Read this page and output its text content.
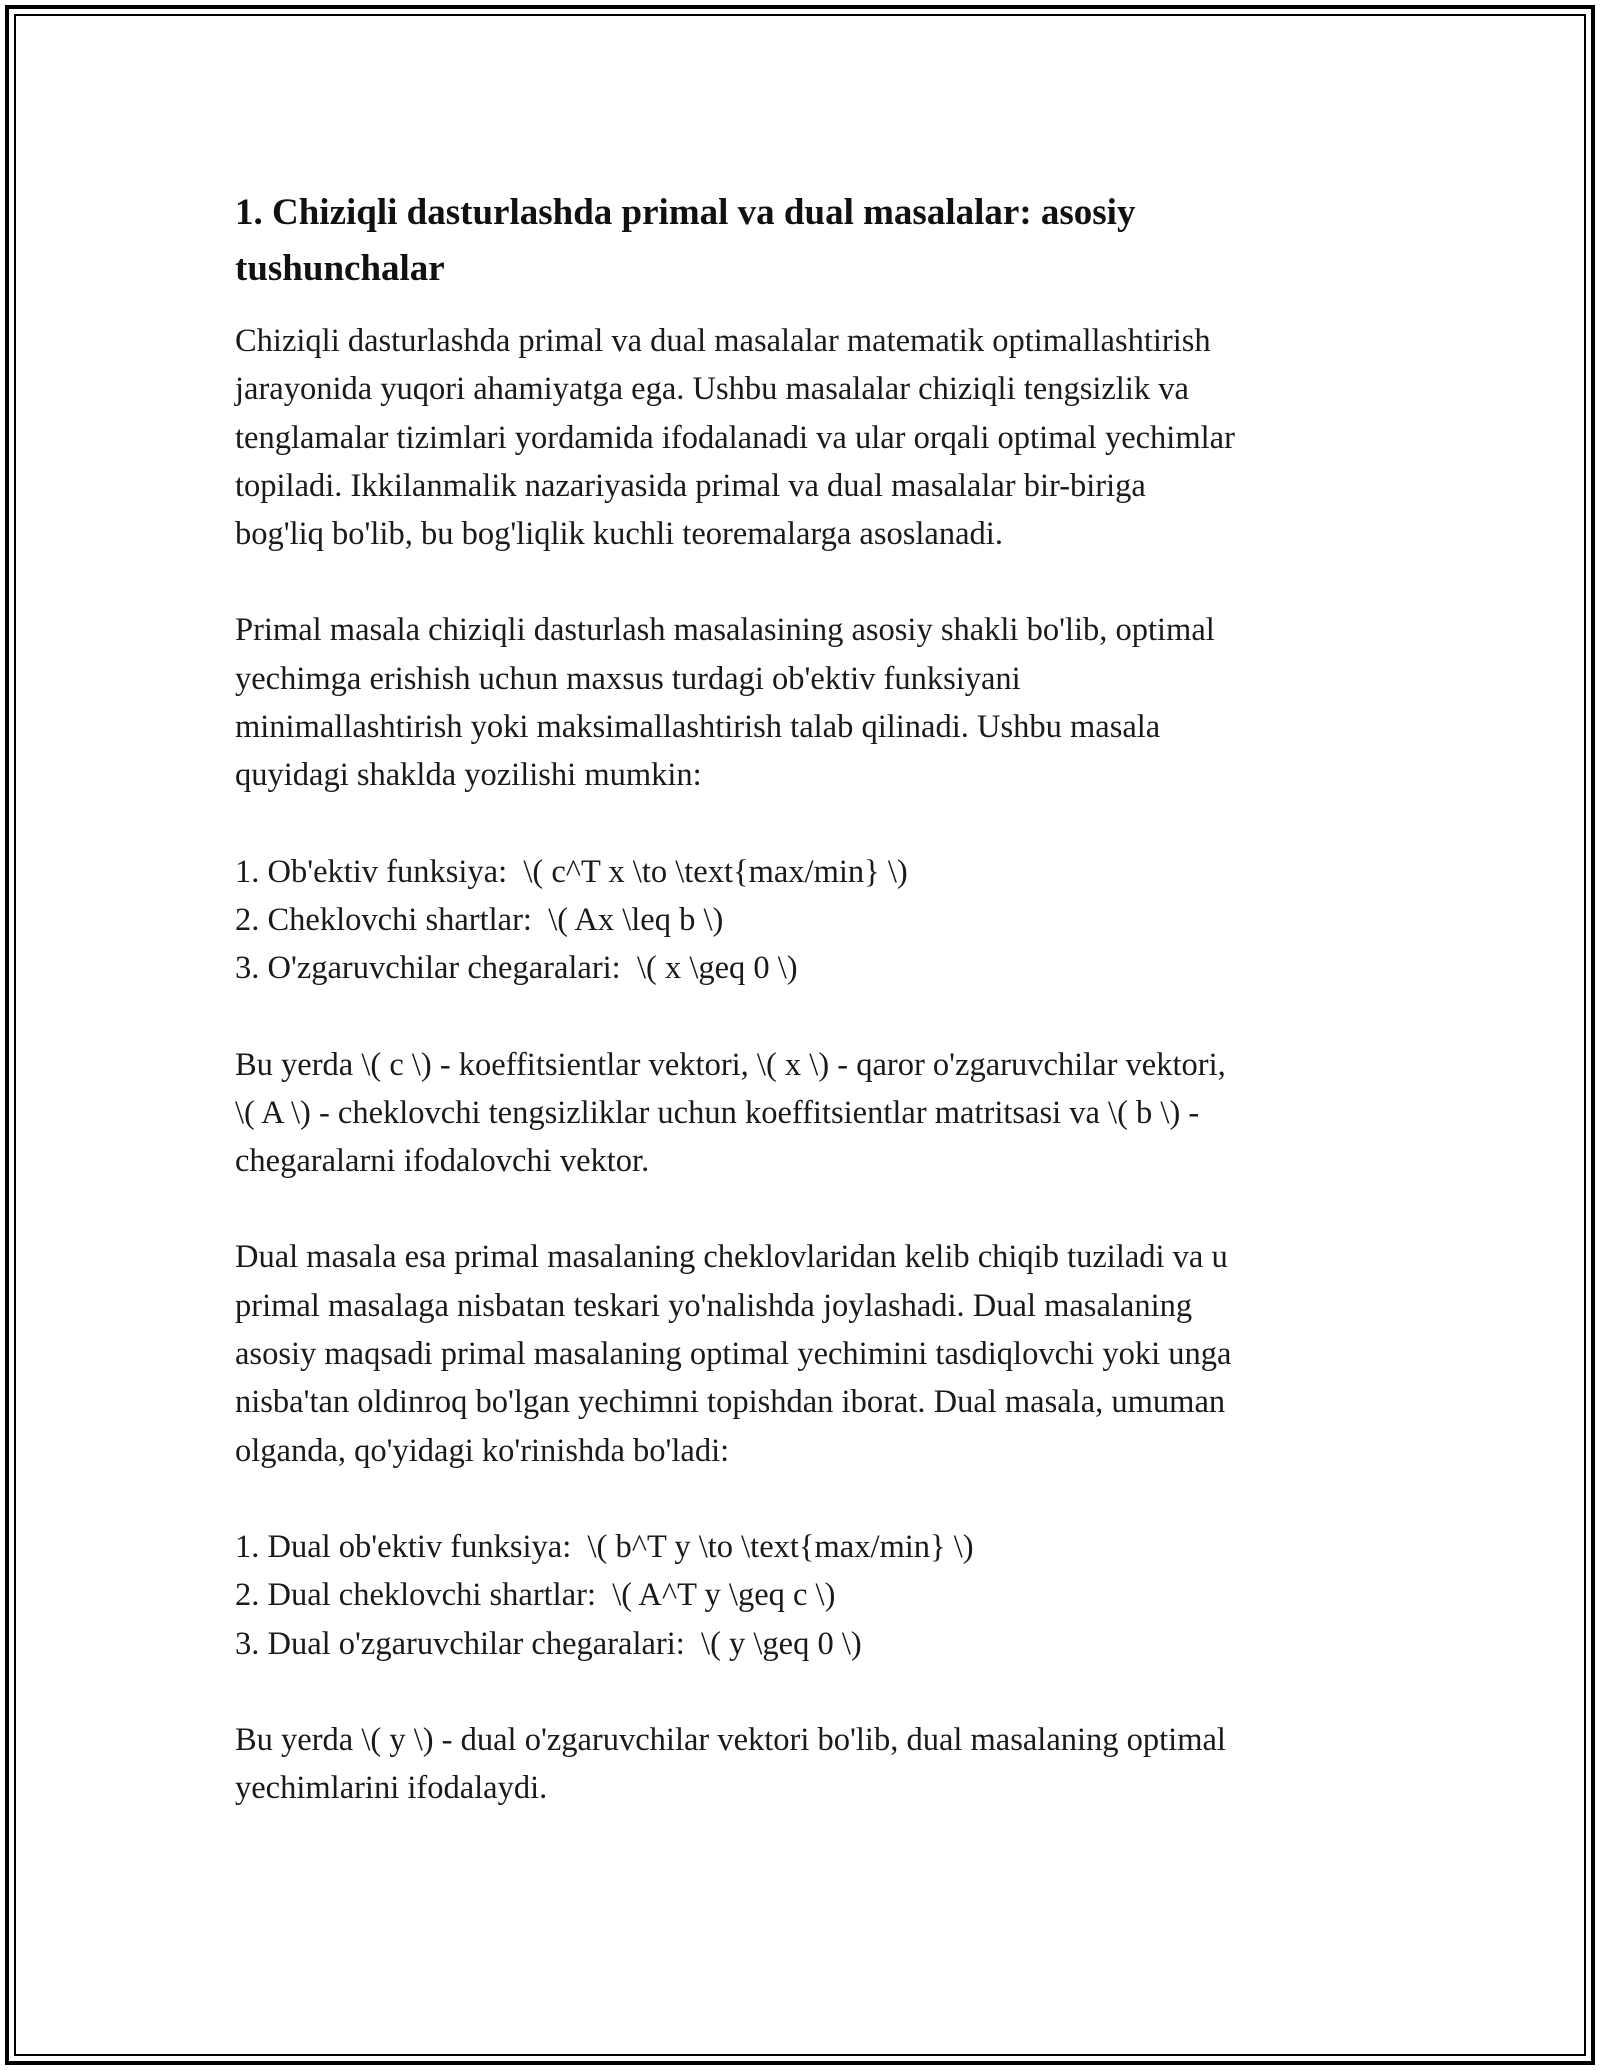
1. Chiziqli dasturlashda primal va dual masalalar: asosiy
tushunchalar

Chiziqli dasturlashda primal va dual masalalar matematik optimallashtirish
jarayonida yuqori ahamiyatga ega. Ushbu masalalar chiziqli tengsizlik va
tenglamalar tizimlari yordamida ifodalanadi va ular orqali optimal yechimlar
topiladi. Ikkilanmalik nazariyasida primal va dual masalalar bir-biriga
bog'liq bo'lib, bu bog'liqlik kuchli teoremalarga asoslanadi.

Primal masala chiziqli dasturlash masalasining asosiy shakli bo'lib, optimal
yechimga erishish uchun maxsus turdagi ob'ektiv funksiyani
minimallashtirish yoki maksimallashtirish talab qilinadi. Ushbu masala
quyidagi shaklda yozilishi mumkin:

1. Ob'ektiv funksiya:  \( c^T x \to \text{max/min} \)
2. Cheklovchi shartlar:  \( Ax \leq b \)
3. O'zgaruvchilar chegaralari:  \( x \geq 0 \)

Bu yerda \( c \) - koeffitsientlar vektori, \( x \) - qaror o'zgaruvchilar vektori,
\( A \) - cheklovchi tengsizliklar uchun koeffitsientlar matritsasi va \( b \) -
chegaralarni ifodalovchi vektor.

Dual masala esa primal masalaning cheklovlaridan kelib chiqib tuziladi va u
primal masalaga nisbatan teskari yo'nalishda joylashadi. Dual masalaning
asosiy maqsadi primal masalaning optimal yechimini tasdiqlovchi yoki unga
nisba'tan oldinroq bo'lgan yechimni topishdan iborat. Dual masala, umuman
olganda, qo'yidagi ko'rinishda bo'ladi:

1. Dual ob'ektiv funksiya:  \( b^T y \to \text{max/min} \)
2. Dual cheklovchi shartlar:  \( A^T y \geq c \)
3. Dual o'zgaruvchilar chegaralari:  \( y \geq 0 \)

Bu yerda \( y \) - dual o'zgaruvchilar vektori bo'lib, dual masalaning optimal
yechimlarini ifodalaydi.
